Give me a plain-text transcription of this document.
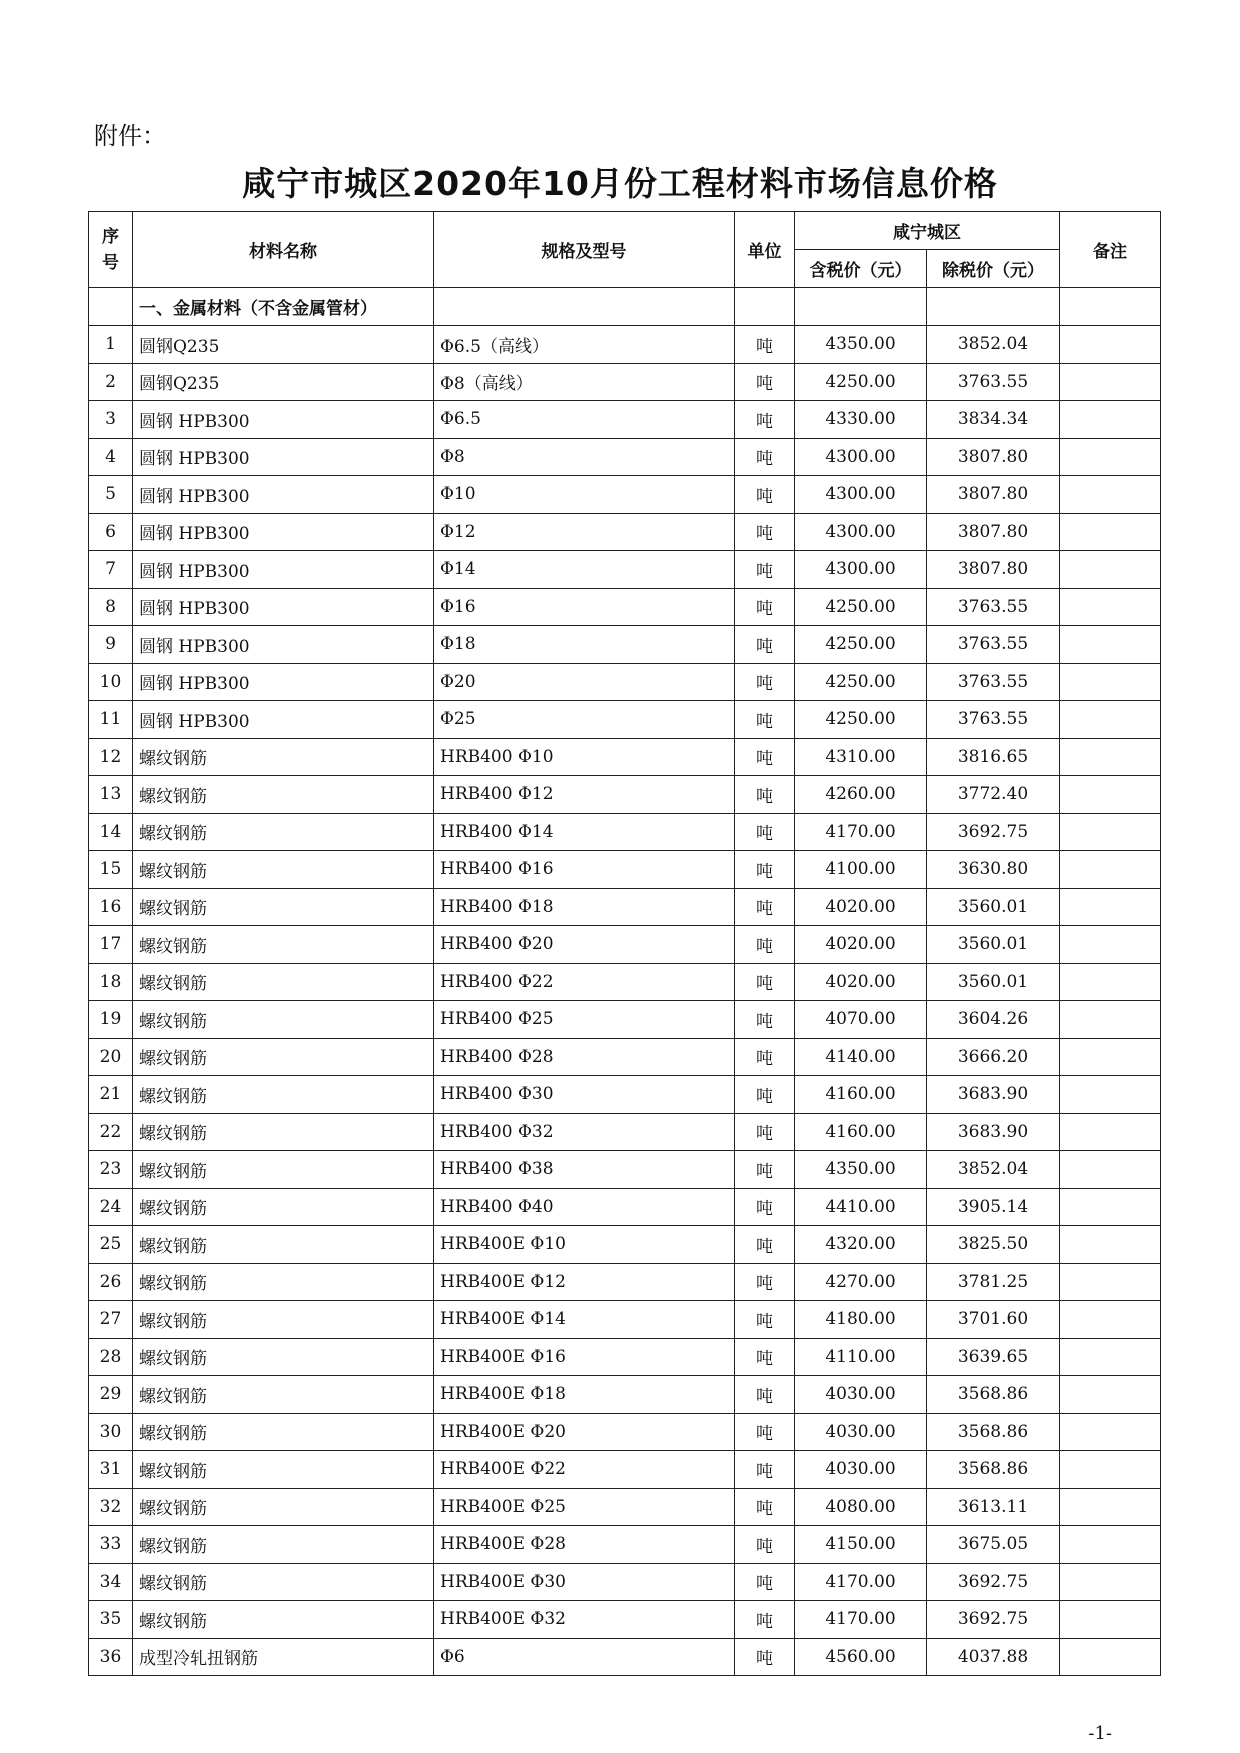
附件：
咸宁市城区2020年10月份工程材料市场信息价格
序
号	材料名称	规格及型号	单位	咸宁城区		备注
				含税价（元）	除税价（元）	
	一、金属材料（不含金属管材）					
1	圆钢Q235	Φ6.5（高线）	吨	4350.00	3852.04	
2	圆钢Q235	Φ8（高线）	吨	4250.00	3763.55	
3	圆钢 HPB300	Φ6.5	吨	4330.00	3834.34	
4	圆钢 HPB300	Φ8	吨	4300.00	3807.80	
5	圆钢 HPB300	Φ10	吨	4300.00	3807.80	
6	圆钢 HPB300	Φ12	吨	4300.00	3807.80	
7	圆钢 HPB300	Φ14	吨	4300.00	3807.80	
8	圆钢 HPB300	Φ16	吨	4250.00	3763.55	
9	圆钢 HPB300	Φ18	吨	4250.00	3763.55	
10	圆钢 HPB300	Φ20	吨	4250.00	3763.55	
11	圆钢 HPB300	Φ25	吨	4250.00	3763.55	
12	螺纹钢筋	HRB400 Φ10	吨	4310.00	3816.65	
13	螺纹钢筋	HRB400 Φ12	吨	4260.00	3772.40	
14	螺纹钢筋	HRB400 Φ14	吨	4170.00	3692.75	
15	螺纹钢筋	HRB400 Φ16	吨	4100.00	3630.80	
16	螺纹钢筋	HRB400 Φ18	吨	4020.00	3560.01	
17	螺纹钢筋	HRB400 Φ20	吨	4020.00	3560.01	
18	螺纹钢筋	HRB400 Φ22	吨	4020.00	3560.01	
19	螺纹钢筋	HRB400 Φ25	吨	4070.00	3604.26	
20	螺纹钢筋	HRB400 Φ28	吨	4140.00	3666.20	
21	螺纹钢筋	HRB400 Φ30	吨	4160.00	3683.90	
22	螺纹钢筋	HRB400 Φ32	吨	4160.00	3683.90	
23	螺纹钢筋	HRB400 Φ38	吨	4350.00	3852.04	
24	螺纹钢筋	HRB400 Φ40	吨	4410.00	3905.14	
25	螺纹钢筋	HRB400E Φ10	吨	4320.00	3825.50	
26	螺纹钢筋	HRB400E Φ12	吨	4270.00	3781.25	
27	螺纹钢筋	HRB400E Φ14	吨	4180.00	3701.60	
28	螺纹钢筋	HRB400E Φ16	吨	4110.00	3639.65	
29	螺纹钢筋	HRB400E Φ18	吨	4030.00	3568.86	
30	螺纹钢筋	HRB400E Φ20	吨	4030.00	3568.86	
31	螺纹钢筋	HRB400E Φ22	吨	4030.00	3568.86	
32	螺纹钢筋	HRB400E Φ25	吨	4080.00	3613.11	
33	螺纹钢筋	HRB400E Φ28	吨	4150.00	3675.05	
34	螺纹钢筋	HRB400E Φ30	吨	4170.00	3692.75	
35	螺纹钢筋	HRB400E Φ32	吨	4170.00	3692.75	
36	成型冷轧扭钢筋	Φ6	吨	4560.00	4037.88	
-1-
